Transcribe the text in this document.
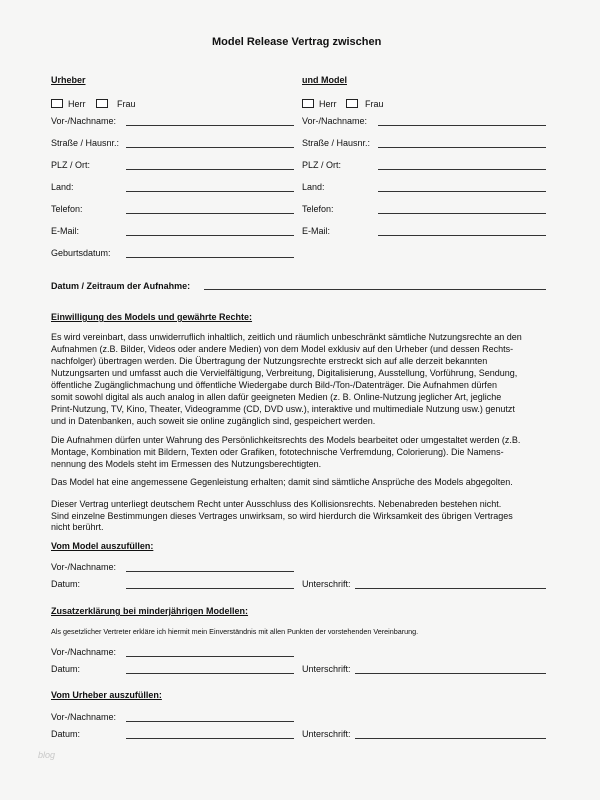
Model Release Vertrag zwischen
Urheber
Herr	Frau
Vor-/Nachname:
Straße / Hausnr.:
PLZ / Ort:
Land:
Telefon:
E-Mail:
Geburtsdatum:
und Model
Herr	Frau
Vor-/Nachname:
Straße / Hausnr.:
PLZ / Ort:
Land:
Telefon:
E-Mail:
Datum / Zeitraum der Aufnahme:
Einwilligung des Models und gewährte Rechte:
Es wird vereinbart, dass unwiderruflich inhaltlich, zeitlich und räumlich unbeschränkt sämtliche Nutzungsrechte an den
Aufnahmen (z.B. Bilder, Videos oder andere Medien) von dem Model exklusiv auf den Urheber (und dessen Rechts-
nachfolger) übertragen werden. Die Übertragung der Nutzungsrechte erstreckt sich auf alle derzeit bekannten
Nutzungsarten und umfasst auch die Vervielfältigung, Verbreitung, Digitalisierung, Ausstellung, Vorführung, Sendung,
öffentliche Zugänglichmachung und öffentliche Wiedergabe durch Bild-/Ton-/Datenträger. Die Aufnahmen dürfen
somit sowohl digital als auch analog in allen dafür geeigneten Medien (z. B. Online-Nutzung jeglicher Art, jegliche
Print-Nutzung, TV, Kino, Theater, Videogramme (CD, DVD usw.), interaktive und multimediale Nutzung usw.) genutzt
und in Datenbanken, auch soweit sie online zugänglich sind, gespeichert werden.
Die Aufnahmen dürfen unter Wahrung des Persönlichkeitsrechts des Models bearbeitet oder umgestaltet werden (z.B.
Montage, Kombination mit Bildern, Texten oder Grafiken, fototechnische Verfremdung, Colorierung). Die Namens-
nennung des Models steht im Ermessen des Nutzungsberechtigten.
Das Model hat eine angemessene Gegenleistung erhalten; damit sind sämtliche Ansprüche des Models abgegolten.
Dieser Vertrag unterliegt deutschem Recht unter Ausschluss des Kollisionsrechts. Nebenabreden bestehen nicht.
Sind einzelne Bestimmungen dieses Vertrages unwirksam, so wird hierdurch die Wirksamkeit des übrigen Vertrages
nicht berührt.
Vom Model auszufüllen:
Vor-/Nachname:
Datum:	Unterschrift:
Zusatzerklärung bei minderjährigen Modellen:
Als gesetzlicher Vertreter erkläre ich hiermit mein Einverständnis mit allen Punkten der vorstehenden Vereinbarung.
Vor-/Nachname:
Datum:	Unterschrift:
Vom Urheber auszufüllen:
Vor-/Nachname:
Datum:	Unterschrift:
blog
